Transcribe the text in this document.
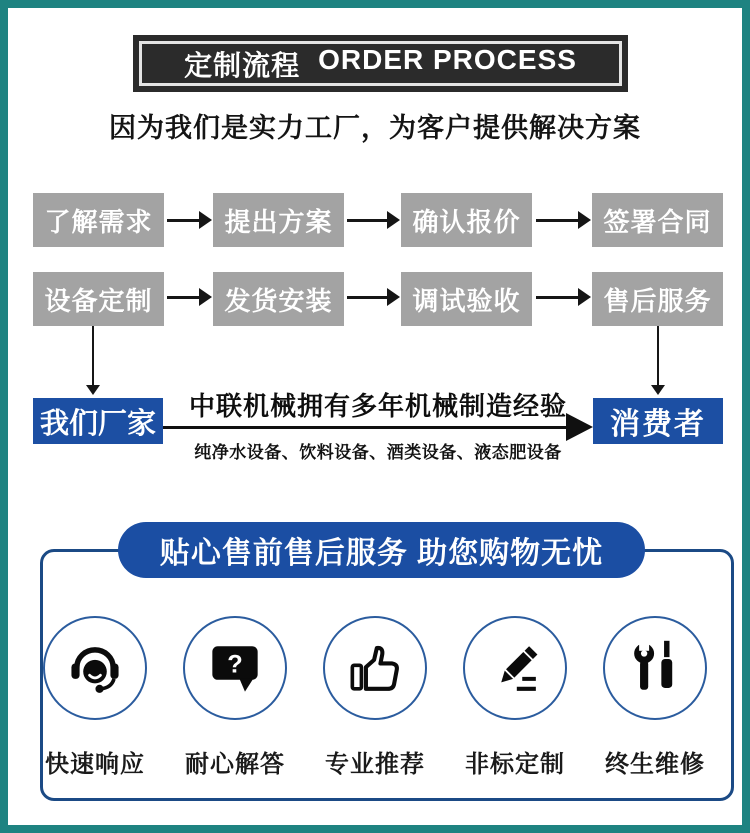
定制流程 ORDER PROCESS
因为我们是实力工厂，为客户提供解决方案
了解需求	提出方案	确认报价	签署合同
设备定制	发货安装	调试验收	售后服务
我们厂家	消费者
中联机械拥有多年机械制造经验
纯净水设备、饮料设备、酒类设备、液态肥设备
贴心售前售后服务 助您购物无忧
快速响应
?
耐心解答 专业推荐 非标定制 终生维修
